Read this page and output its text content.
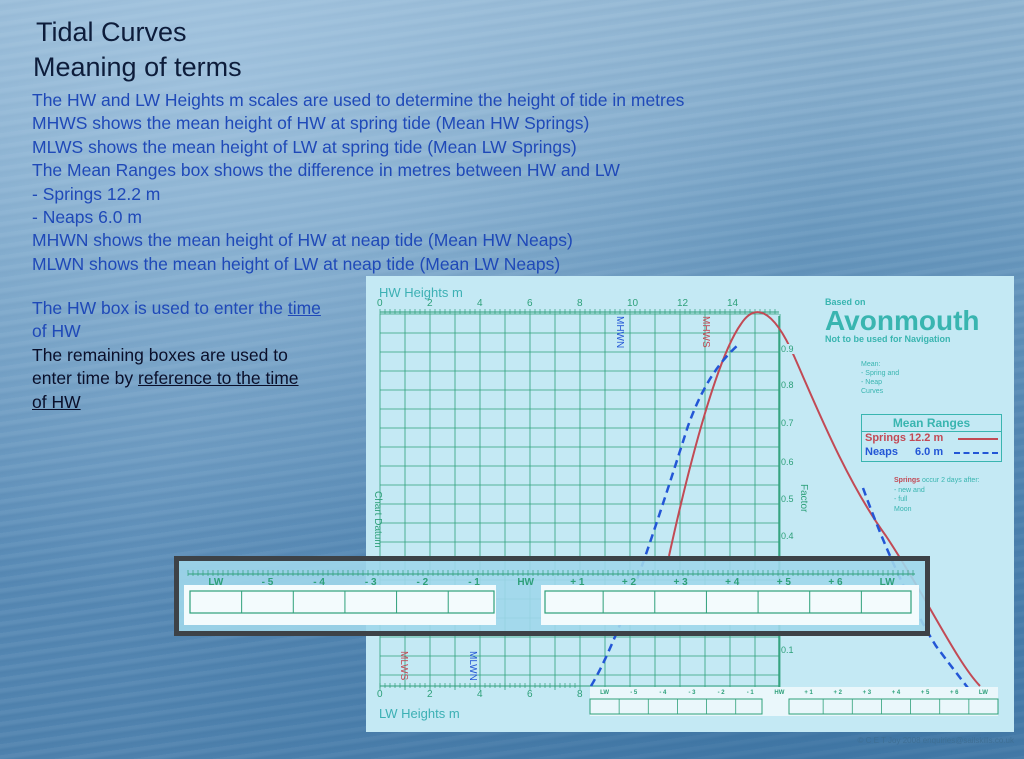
Tidal Curves
Meaning of terms
The HW and LW Heights m scales are used to determine the height of tide in metres
MHWS shows the mean height of HW at spring tide (Mean HW Springs)
MLWS shows the mean height of LW at spring tide (Mean LW Springs)
The Mean Ranges box shows the difference in metres between HW and LW
- Springs 12.2 m
- Neaps 6.0 m
MHWN shows the mean height of HW at neap tide (Mean HW Neaps)
MLWN shows the mean height of LW at neap tide (Mean LW Neaps)
The HW box is used to enter the time
of HW
The remaining boxes are used to
enter time by reference to the time
of HW
HW Heights m
LW Heights m
0	2	4	6	8	10	12	14
0	2	4	6	8
Chart Datum	Factor
0.9
0.8
0.7
0.6
0.5
0.4
0.1
MHWN	MHWS
MLWS	MLWN
Based on
Avonmouth
Not to be used for Navigation
Mean:
- Spring and
- Neap
Curves
Mean Ranges
Springs 12.2 m
Neaps 6.0 m
Springs occur 2 days after:
- new and
- full
Moon
LW	- 5	- 4	- 3	- 2	- 1	HW	+ 1	+ 2	+ 3	+ 4	+ 5	+ 6	LW
LW	- 5	- 4	- 3	- 2	- 1	HW	+ 1	+ 2	+ 3	+ 4	+ 5	+ 6	LW
© C E T Joy 2008 enquiries@sailskills.co.uk
